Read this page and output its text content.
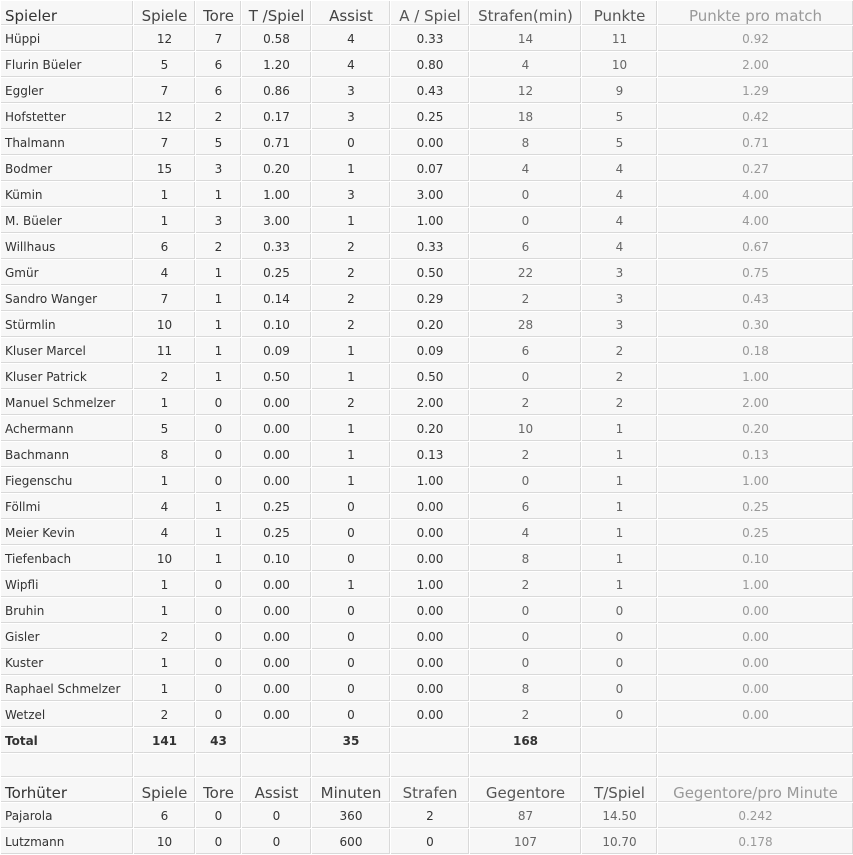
Spieler	Spiele	Tore	T /Spiel	Assist	A / Spiel	Strafen(min)	Punkte	Punkte pro match
Hüppi	12	7	0.58	4	0.33	14	11	0.92
Flurin Büeler	5	6	1.20	4	0.80	4	10	2.00
Eggler	7	6	0.86	3	0.43	12	9	1.29
Hofstetter	12	2	0.17	3	0.25	18	5	0.42
Thalmann	7	5	0.71	0	0.00	8	5	0.71
Bodmer	15	3	0.20	1	0.07	4	4	0.27
Kümin	1	1	1.00	3	3.00	0	4	4.00
M. Büeler	1	3	3.00	1	1.00	0	4	4.00
Willhaus	6	2	0.33	2	0.33	6	4	0.67
Gmür	4	1	0.25	2	0.50	22	3	0.75
Sandro Wanger	7	1	0.14	2	0.29	2	3	0.43
Stürmlin	10	1	0.10	2	0.20	28	3	0.30
Kluser Marcel	11	1	0.09	1	0.09	6	2	0.18
Kluser Patrick	2	1	0.50	1	0.50	0	2	1.00
Manuel Schmelzer	1	0	0.00	2	2.00	2	2	2.00
Achermann	5	0	0.00	1	0.20	10	1	0.20
Bachmann	8	0	0.00	1	0.13	2	1	0.13
Fiegenschu	1	0	0.00	1	1.00	0	1	1.00
Föllmi	4	1	0.25	0	0.00	6	1	0.25
Meier Kevin	4	1	0.25	0	0.00	4	1	0.25
Tiefenbach	10	1	0.10	0	0.00	8	1	0.10
Wipfli	1	0	0.00	1	1.00	2	1	1.00
Bruhin	1	0	0.00	0	0.00	0	0	0.00
Gisler	2	0	0.00	0	0.00	0	0	0.00
Kuster	1	0	0.00	0	0.00	0	0	0.00
Raphael Schmelzer	1	0	0.00	0	0.00	8	0	0.00
Wetzel	2	0	0.00	0	0.00	2	0	0.00
Total	141	43		35		168		

Torhüter	Spiele	Tore	Assist	Minuten	Strafen	Gegentore	T/Spiel	Gegentore/pro Minute
Pajarola	6	0	0	360	2	87	14.50	0.242
Lutzmann	10	0	0	600	0	107	10.70	0.178
